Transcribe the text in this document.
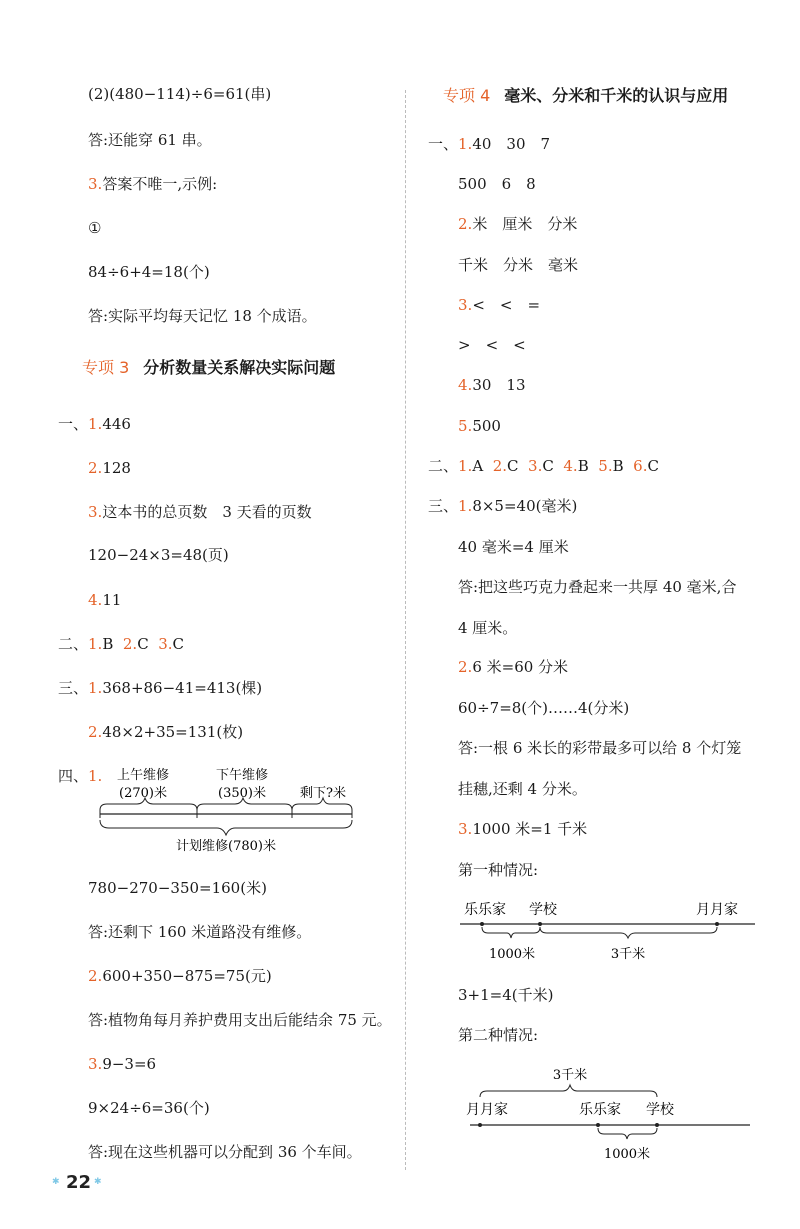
(2)(480−114)÷6=61(串)
答:还能穿 61 串。
3.答案不唯一,示例:
①
84÷6+4=18(个)
答:实际平均每天记忆 18 个成语。
专项 3 分析数量关系解决实际问题
一、 1.446
2.128
3.这本书的总页数　3 天看的页数
120−24×3=48(页)
4.11
二、 1.B 2.C 3.C
三、 1.368+86−41=413(棵)
2.48×2+35=131(枚)
四、 1. 上午维修
(270)米
下午维修
(350)米	剩下?米
计划维修(780)米
780−270−350=160(米)
答:还剩下 160 米道路没有维修。
2.600+350−875=75(元)
答:植物角每月养护费用支出后能结余 75 元。
3.9−3=6
9×24÷6=36(个)
答:现在这些机器可以分配到 36 个车间。
专项 4 毫米、分米和千米的认识与应用
一、 1.40　30　7
500　6　8
2.米　厘米　分米
千米　分米　毫米
3.<　<　=
>　<　<
4.30　13
5.500
二、 1.A 2.C 3.C 4.B 5.B 6.C
三、 1.8×5=40(毫米)
40 毫米=4 厘米
答:把这些巧克力叠起来一共厚 40 毫米,合
4 厘米。
2.6 米=60 分米
60÷7=8(个)……4(分米)
答:一根 6 米长的彩带最多可以给 8 个灯笼
挂穗,还剩 4 分米。
3.1000 米=1 千米
第一种情况:
乐乐家 学校	月月家
1000米	3千米
3+1=4(千米)
第二种情况:
3千米
月月家	乐乐家 学校
1000米
✱ 22 ✱
